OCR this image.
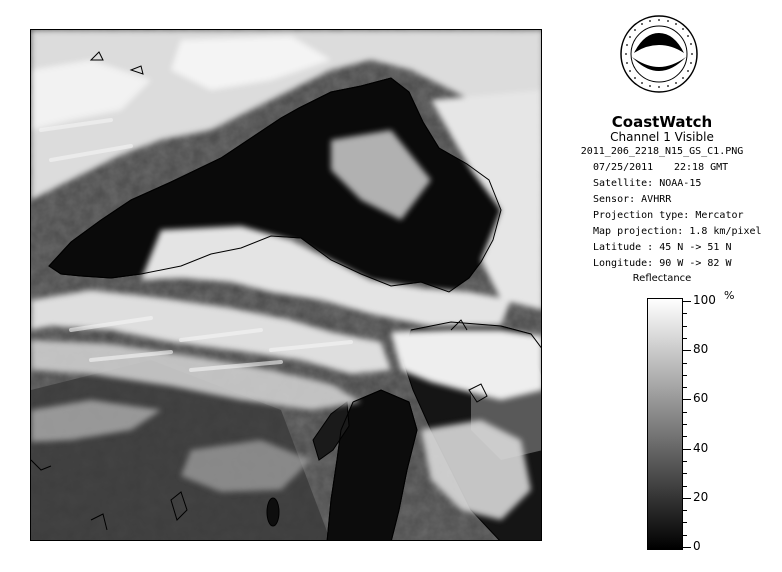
NOAA
CoastWatch
Channel 1 Visible
2011_206_2218_N15_GS_C1.PNG
07/25/2011 22:18 GMT
Satellite: NOAA-15
Sensor: AVHRR
Projection type: Mercator
Map projection: 1.8 km/pixel
Latitude : 45 N -> 51 N
Longitude: 90 W -> 82 W
Reflectance
%
100
80
60
40
20
0
